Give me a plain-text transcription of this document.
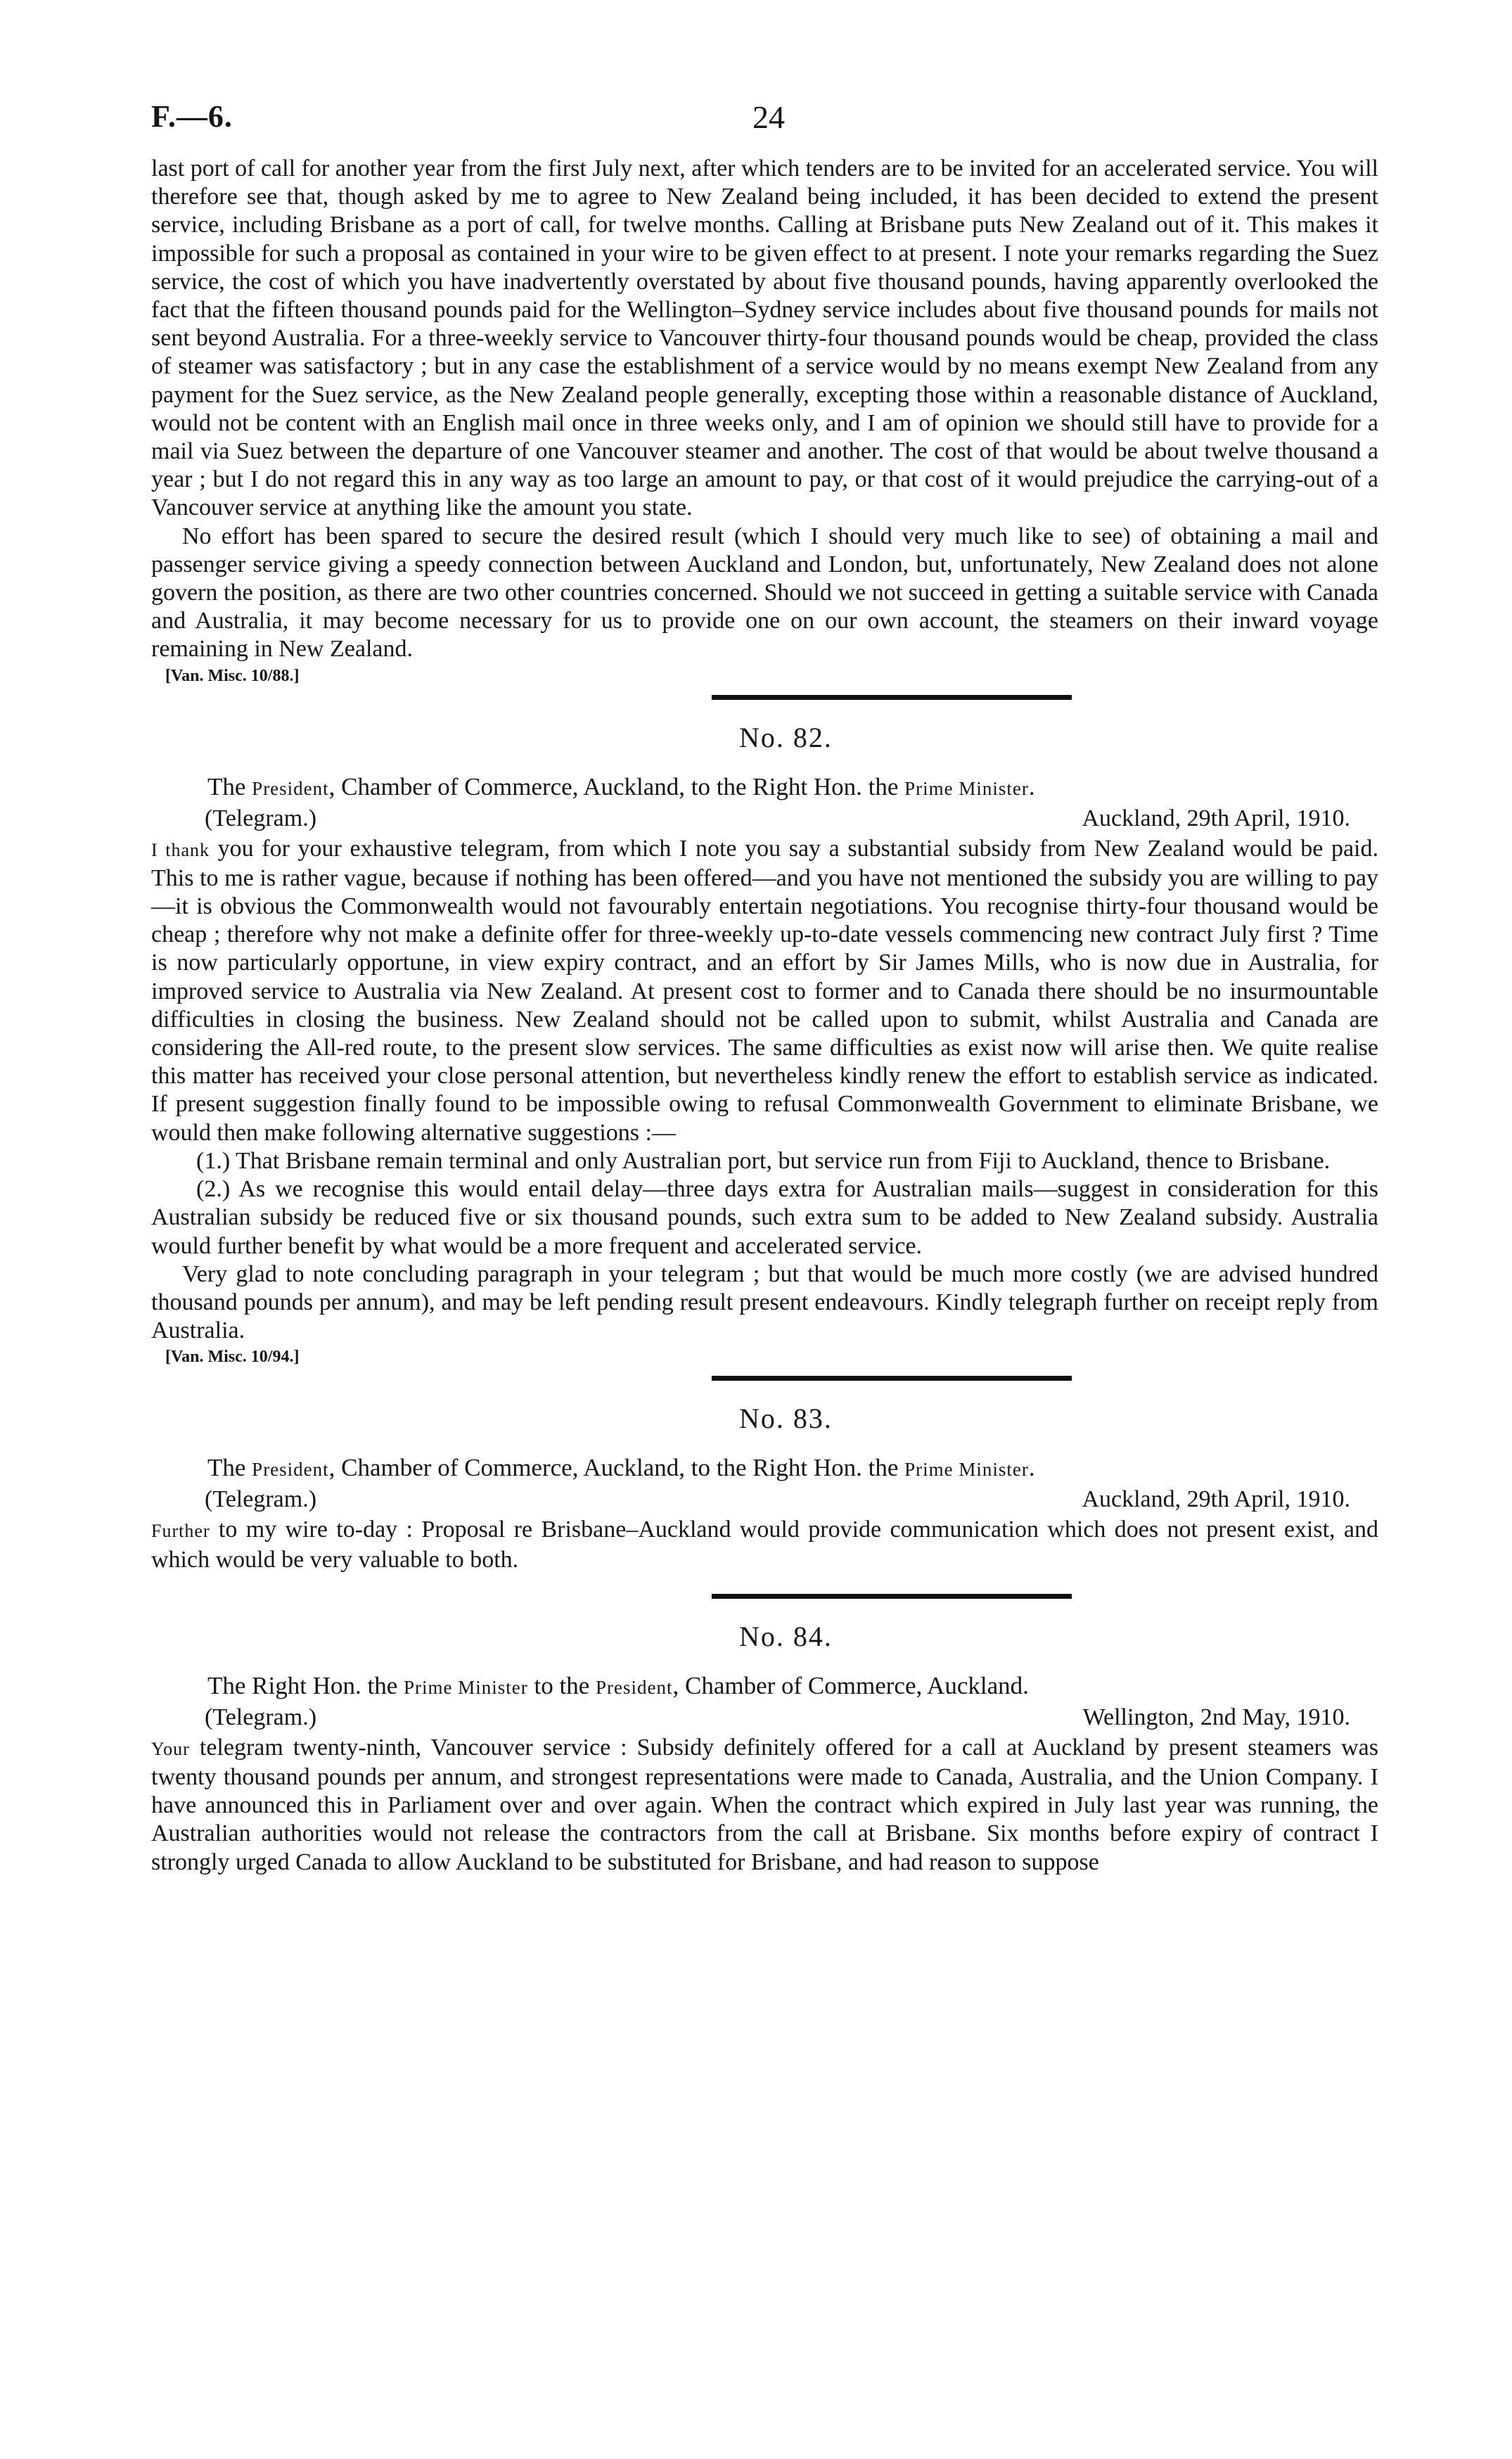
F.—6.	24

last port of call for another year from the first July next, after which tenders are to be invited for an accelerated service. You will therefore see that, though asked by me to agree to New Zealand being included, it has been decided to extend the present service, including Brisbane as a port of call, for twelve months. Calling at Brisbane puts New Zealand out of it. This makes it impossible for such a proposal as contained in your wire to be given effect to at present. I note your remarks regarding the Suez service, the cost of which you have inadvertently overstated by about five thousand pounds, having apparently overlooked the fact that the fifteen thousand pounds paid for the Wellington–Sydney service includes about five thousand pounds for mails not sent beyond Australia. For a three-weekly service to Vancouver thirty-four thousand pounds would be cheap, provided the class of steamer was satisfactory ; but in any case the establishment of a service would by no means exempt New Zealand from any payment for the Suez service, as the New Zealand people generally, excepting those within a reasonable distance of Auckland, would not be content with an English mail once in three weeks only, and I am of opinion we should still have to provide for a mail via Suez between the departure of one Vancouver steamer and another. The cost of that would be about twelve thousand a year ; but I do not regard this in any way as too large an amount to pay, or that cost of it would prejudice the carrying-out of a Vancouver service at anything like the amount you state.

No effort has been spared to secure the desired result (which I should very much like to see) of obtaining a mail and passenger service giving a speedy connection between Auckland and London, but, unfortunately, New Zealand does not alone govern the position, as there are two other countries concerned. Should we not succeed in getting a suitable service with Canada and Australia, it may become necessary for us to provide one on our own account, the steamers on their inward voyage remaining in New Zealand.

[Van. Misc. 10/88.]
No. 82.
The President, Chamber of Commerce, Auckland, to the Right Hon. the Prime Minister.
(Telegram.)	Auckland, 29th April, 1910.

I thank you for your exhaustive telegram, from which I note you say a substantial subsidy from New Zealand would be paid. This to me is rather vague, because if nothing has been offered—and you have not mentioned the subsidy you are willing to pay—it is obvious the Commonwealth would not favourably entertain negotiations. You recognise thirty-four thousand would be cheap ; therefore why not make a definite offer for three-weekly up-to-date vessels commencing new contract July first ? Time is now particularly opportune, in view expiry contract, and an effort by Sir James Mills, who is now due in Australia, for improved service to Australia via New Zealand. At present cost to former and to Canada there should be no insurmountable difficulties in closing the business. New Zealand should not be called upon to submit, whilst Australia and Canada are considering the All-red route, to the present slow services. The same difficulties as exist now will arise then. We quite realise this matter has received your close personal attention, but nevertheless kindly renew the effort to establish service as indicated. If present suggestion finally found to be impossible owing to refusal Commonwealth Government to eliminate Brisbane, we would then make following alternative suggestions :—

(1.) That Brisbane remain terminal and only Australian port, but service run from Fiji to Auckland, thence to Brisbane.

(2.) As we recognise this would entail delay—three days extra for Australian mails—suggest in consideration for this Australian subsidy be reduced five or six thousand pounds, such extra sum to be added to New Zealand subsidy. Australia would further benefit by what would be a more frequent and accelerated service.

Very glad to note concluding paragraph in your telegram ; but that would be much more costly (we are advised hundred thousand pounds per annum), and may be left pending result present endeavours. Kindly telegraph further on receipt reply from Australia.

[Van. Misc. 10/94.]
No. 83.
The President, Chamber of Commerce, Auckland, to the Right Hon. the Prime Minister.
(Telegram.)	Auckland, 29th April, 1910.

Further to my wire to-day : Proposal re Brisbane–Auckland would provide communication which does not present exist, and which would be very valuable to both.

No. 84.
The Right Hon. the Prime Minister to the President, Chamber of Commerce, Auckland.
(Telegram.)	Wellington, 2nd May, 1910.

Your telegram twenty-ninth, Vancouver service : Subsidy definitely offered for a call at Auckland by present steamers was twenty thousand pounds per annum, and strongest representations were made to Canada, Australia, and the Union Company. I have announced this in Parliament over and over again. When the contract which expired in July last year was running, the Australian authorities would not release the contractors from the call at Brisbane. Six months before expiry of contract I strongly urged Canada to allow Auckland to be substituted for Brisbane, and had reason to suppose
